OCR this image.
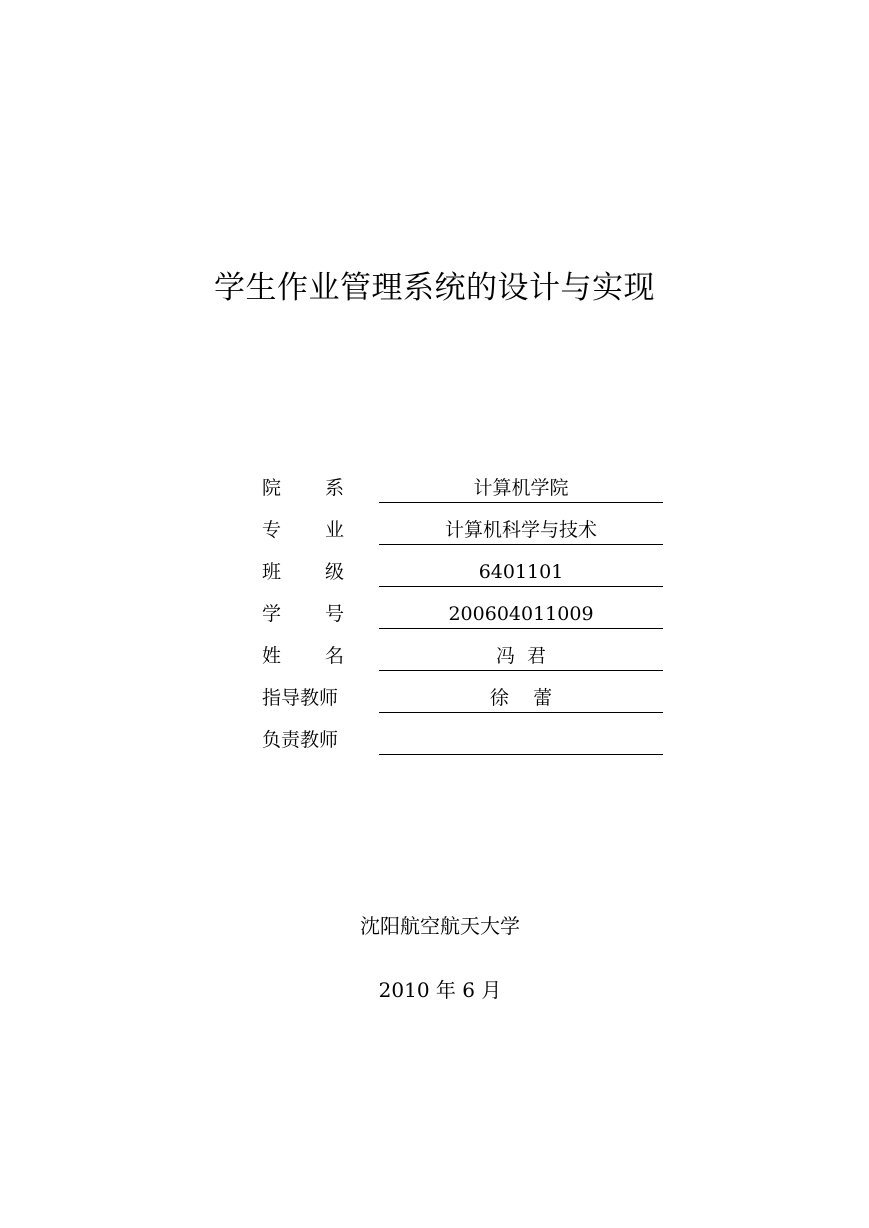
学生作业管理系统的设计与实现
院 系	计算机学院
专 业	计算机科学与技术
班 级	6401101
学 号	200604011009
姓 名	冯  君
指导教师	徐    蕾
负责教师
沈阳航空航天大学
2010 年 6 月
